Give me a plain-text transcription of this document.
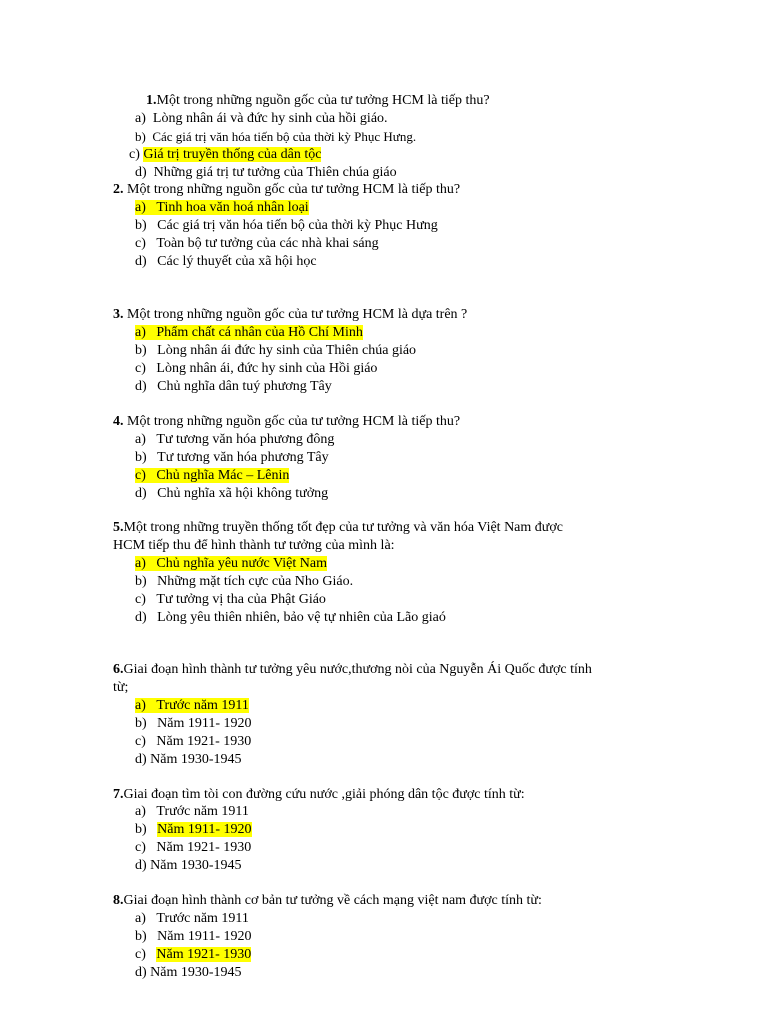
1.Một trong những nguồn gốc của tư tưởng HCM là tiếp thu?
a) Lòng nhân ái và đức hy sinh của hồi giáo.
b) Các giá trị văn hóa tiến bộ của thời kỳ Phục Hưng.
c) Giá trị truyền thống của dân tộc
d) Những giá trị tư tưởng của Thiên chúa giáo
2. Một trong những nguồn gốc của tư tưởng HCM là tiếp thu?
a) Tinh hoa văn hoá nhân loại
b) Các giá trị văn hóa tiến bộ của thời kỳ Phục Hưng
c) Toàn bộ tư tưởng của các nhà khai sáng
d) Các lý thuyết của xã hội học
3. Một trong những nguồn gốc của tư tưởng HCM là dựa trên ?
a) Phẩm chất cá nhân của Hồ Chí Minh
b) Lòng nhân ái đức hy sinh của Thiên chúa giáo
c) Lòng nhân ái, đức hy sinh của Hồi giáo
d) Chủ nghĩa dân tuý phương Tây
4. Một trong những nguồn gốc của tư tưởng HCM là tiếp thu?
a) Tư tương văn hóa phương đông
b) Tư tương văn hóa phương Tây
c) Chủ nghĩa Mác – Lênin
d) Chủ nghĩa xã hội không tưởng
5.Một trong những truyền thống tốt đẹp của tư tưởng và văn hóa Việt Nam được
HCM tiếp thu để hình thành tư tưởng của mình là:
a) Chủ nghĩa yêu nước Việt Nam
b) Những mặt tích cực của Nho Giáo.
c) Tư tưởng vị tha của Phật Giáo
d) Lòng yêu thiên nhiên, bảo vệ tự nhiên của Lão giaó
6.Giai đoạn hình thành tư tưởng yêu nước,thương nòi của Nguyễn Ái Quốc được tính
từ;
a) Trước năm 1911
b) Năm 1911- 1920
c) Năm 1921- 1930
d) Năm 1930-1945
7.Giai đoạn tìm tòi con đường cứu nước ,giải phóng dân tộc được tính từ:
a) Trước năm 1911
b) Năm 1911- 1920
c) Năm 1921- 1930
d) Năm 1930-1945
8.Giai đoạn hình thành cơ bản tư tưởng về cách mạng việt nam được tính từ:
a) Trước năm 1911
b) Năm 1911- 1920
c) Năm 1921- 1930
d) Năm 1930-1945
